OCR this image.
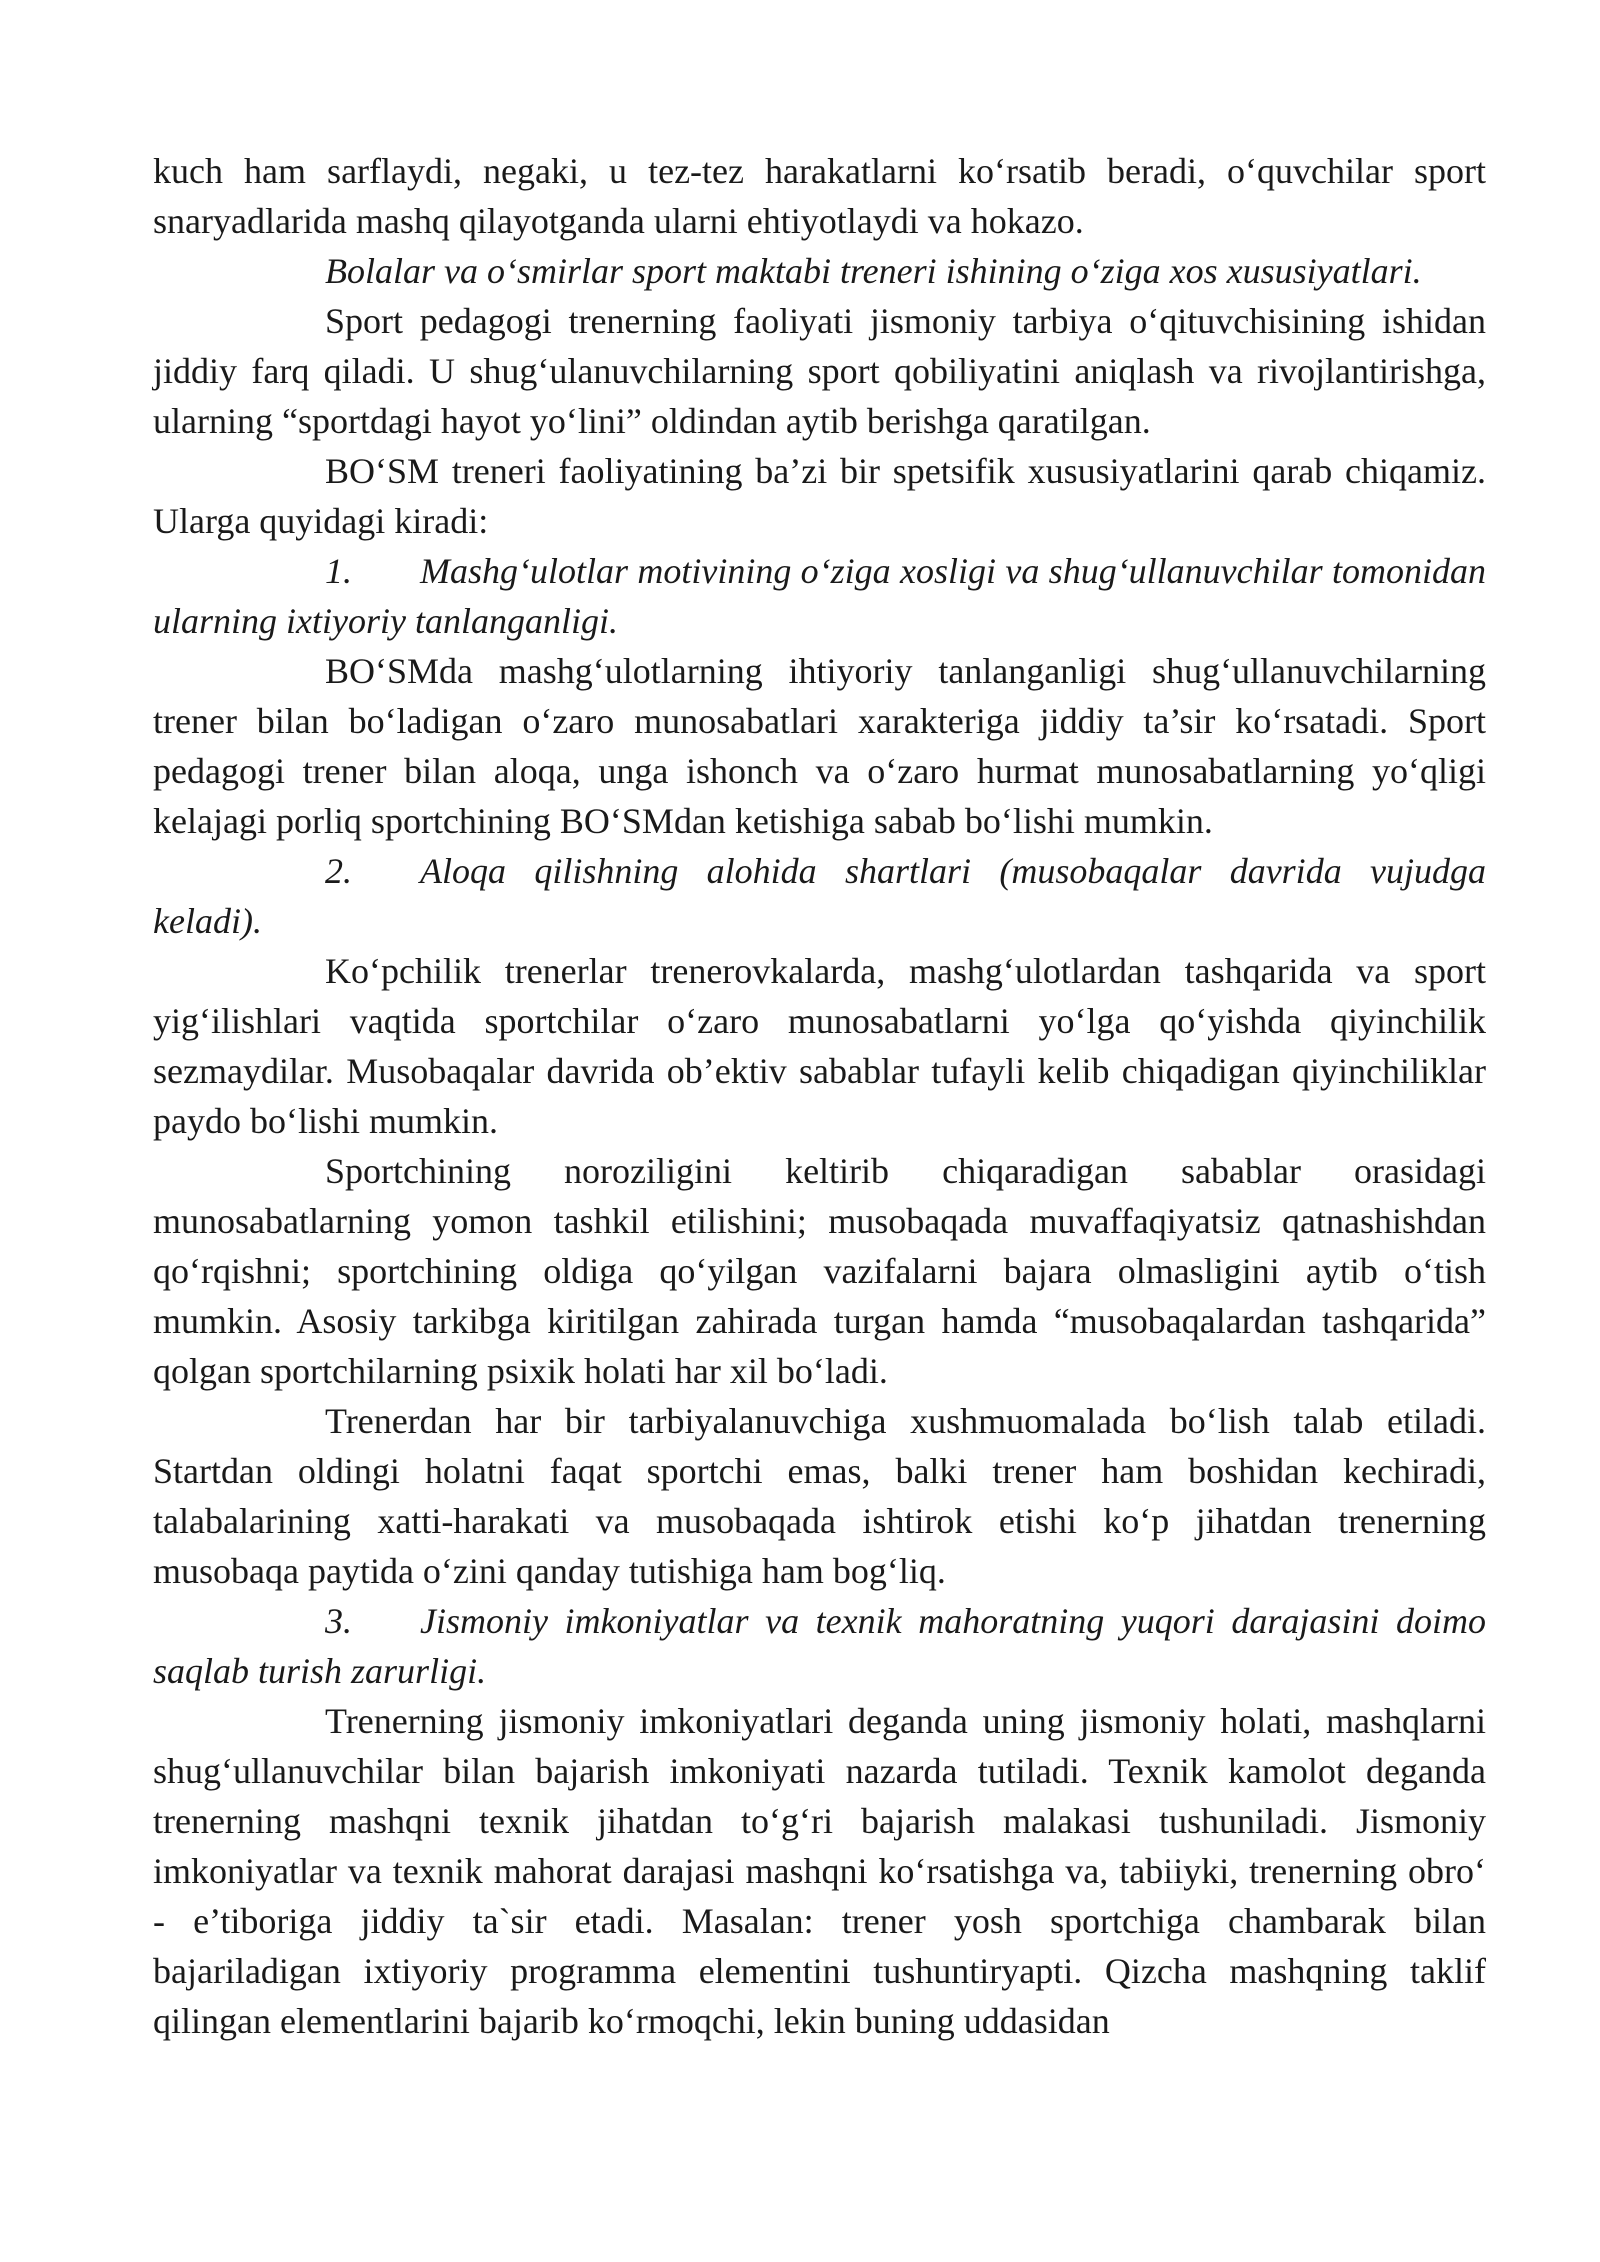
kuch ham sarflaydi, negaki, u tez-tez harakatlarni ko‘rsatib beradi, o‘quvchilar sport snaryadlarida mashq qilayotganda ularni ehtiyotlaydi va hokazo.

Bolalar va o‘smirlar sport maktabi treneri ishining o‘ziga xos xususiyatlari.

Sport pedagogi trenerning faoliyati jismoniy tarbiya o‘qituvchisining ishidan jiddiy farq qiladi. U shug‘ulanuvchilarning sport qobiliyatini aniqlash va rivojlantirishga, ularning “sportdagi hayot yo‘lini” oldindan aytib berishga qaratilgan.

BO‘SM treneri faoliyatining ba’zi bir spetsifik xususiyatlarini qarab chiqamiz. Ularga quyidagi kiradi:

1. Mashg‘ulotlar motivining o‘ziga xosligi va shug‘ullanuvchilar tomonidan ularning ixtiyoriy tanlanganligi.

BO‘SMda mashg‘ulotlarning ihtiyoriy tanlanganligi shug‘ullanuvchilarning trener bilan bo‘ladigan o‘zaro munosabatlari xarakteriga jiddiy ta’sir ko‘rsatadi. Sport pedagogi trener bilan aloqa, unga ishonch va o‘zaro hurmat munosabatlarning yo‘qligi kelajagi porliq sportchining BO‘SMdan ketishiga sabab bo‘lishi mumkin.

2. Aloqa qilishning alohida shartlari (musobaqalar davrida vujudga keladi).

Ko‘pchilik trenerlar trenerovkalarda, mashg‘ulotlardan tashqarida va sport yig‘ilishlari vaqtida sportchilar o‘zaro munosabatlarni yo‘lga qo‘yishda qiyinchilik sezmaydilar. Musobaqalar davrida ob’ektiv sabablar tufayli kelib chiqadigan qiyinchiliklar paydo bo‘lishi mumkin.

Sportchining noroziligini keltirib chiqaradigan sabablar orasidagi munosabatlarning yomon tashkil etilishini; musobaqada muvaffaqiyatsiz qatnashishdan qo‘rqishni; sportchining oldiga qo‘yilgan vazifalarni bajara olmasligini aytib o‘tish mumkin. Asosiy tarkibga kiritilgan zahirada turgan hamda “musobaqalardan tashqarida” qolgan sportchilarning psixik holati har xil bo‘ladi.

Trenerdan har bir tarbiyalanuvchiga xushmuomalada bo‘lish talab etiladi. Startdan oldingi holatni faqat sportchi emas, balki trener ham boshidan kechiradi, talabalarining xatti-harakati va musobaqada ishtirok etishi ko‘p jihatdan trenerning musobaqa paytida o‘zini qanday tutishiga ham bog‘liq.

3. Jismoniy imkoniyatlar va texnik mahoratning yuqori darajasini doimo saqlab turish zarurligi.

Trenerning jismoniy imkoniyatlari deganda uning jismoniy holati, mashqlarni shug‘ullanuvchilar bilan bajarish imkoniyati nazarda tutiladi. Texnik kamolot deganda trenerning mashqni texnik jihatdan to‘g‘ri bajarish malakasi tushuniladi. Jismoniy imkoniyatlar va texnik mahorat darajasi mashqni ko‘rsatishga va, tabiiyki, trenerning obro‘ - e’tiboriga jiddiy ta`sir etadi. Masalan: trener yosh sportchiga chambarak bilan bajariladigan ixtiyoriy programma elementini tushuntiryapti. Qizcha mashqning taklif qilingan elementlarini bajarib ko‘rmoqchi, lekin buning uddasidan
